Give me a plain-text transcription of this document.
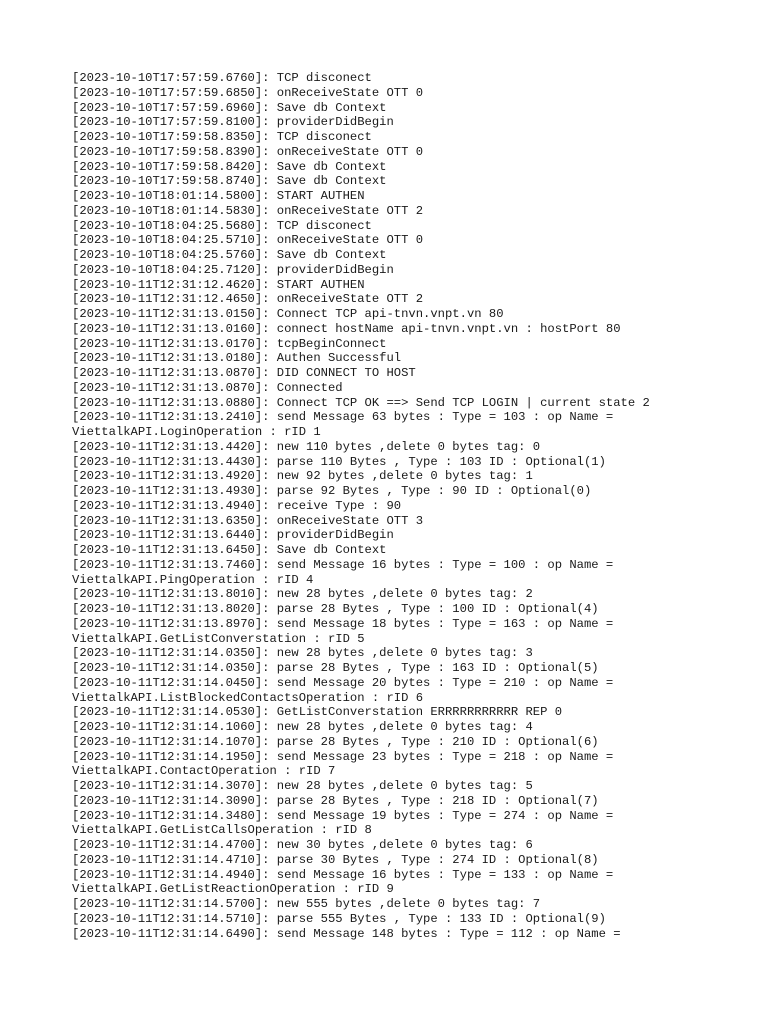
[2023-10-10T17:57:59.6760]: TCP disconect
[2023-10-10T17:57:59.6850]: onReceiveState OTT 0
[2023-10-10T17:57:59.6960]: Save db Context
[2023-10-10T17:57:59.8100]: providerDidBegin
[2023-10-10T17:59:58.8350]: TCP disconect
[2023-10-10T17:59:58.8390]: onReceiveState OTT 0
[2023-10-10T17:59:58.8420]: Save db Context
[2023-10-10T17:59:58.8740]: Save db Context
[2023-10-10T18:01:14.5800]: START AUTHEN
[2023-10-10T18:01:14.5830]: onReceiveState OTT 2
[2023-10-10T18:04:25.5680]: TCP disconect
[2023-10-10T18:04:25.5710]: onReceiveState OTT 0
[2023-10-10T18:04:25.5760]: Save db Context
[2023-10-10T18:04:25.7120]: providerDidBegin
[2023-10-11T12:31:12.4620]: START AUTHEN
[2023-10-11T12:31:12.4650]: onReceiveState OTT 2
[2023-10-11T12:31:13.0150]: Connect TCP api-tnvn.vnpt.vn 80
[2023-10-11T12:31:13.0160]: connect hostName api-tnvn.vnpt.vn : hostPort 80
[2023-10-11T12:31:13.0170]: tcpBeginConnect
[2023-10-11T12:31:13.0180]: Authen Successful
[2023-10-11T12:31:13.0870]: DID CONNECT TO HOST
[2023-10-11T12:31:13.0870]: Connected
[2023-10-11T12:31:13.0880]: Connect TCP OK ==> Send TCP LOGIN | current state 2
[2023-10-11T12:31:13.2410]: send Message 63 bytes : Type = 103 : op Name =
ViettalkAPI.LoginOperation : rID 1
[2023-10-11T12:31:13.4420]: new 110 bytes ,delete 0 bytes tag: 0
[2023-10-11T12:31:13.4430]: parse 110 Bytes , Type : 103 ID : Optional(1)
[2023-10-11T12:31:13.4920]: new 92 bytes ,delete 0 bytes tag: 1
[2023-10-11T12:31:13.4930]: parse 92 Bytes , Type : 90 ID : Optional(0)
[2023-10-11T12:31:13.4940]: receive Type : 90
[2023-10-11T12:31:13.6350]: onReceiveState OTT 3
[2023-10-11T12:31:13.6440]: providerDidBegin
[2023-10-11T12:31:13.6450]: Save db Context
[2023-10-11T12:31:13.7460]: send Message 16 bytes : Type = 100 : op Name =
ViettalkAPI.PingOperation : rID 4
[2023-10-11T12:31:13.8010]: new 28 bytes ,delete 0 bytes tag: 2
[2023-10-11T12:31:13.8020]: parse 28 Bytes , Type : 100 ID : Optional(4)
[2023-10-11T12:31:13.8970]: send Message 18 bytes : Type = 163 : op Name =
ViettalkAPI.GetListConverstation : rID 5
[2023-10-11T12:31:14.0350]: new 28 bytes ,delete 0 bytes tag: 3
[2023-10-11T12:31:14.0350]: parse 28 Bytes , Type : 163 ID : Optional(5)
[2023-10-11T12:31:14.0450]: send Message 20 bytes : Type = 210 : op Name =
ViettalkAPI.ListBlockedContactsOperation : rID 6
[2023-10-11T12:31:14.0530]: GetListConverstation ERRRRRRRRRRR REP 0
[2023-10-11T12:31:14.1060]: new 28 bytes ,delete 0 bytes tag: 4
[2023-10-11T12:31:14.1070]: parse 28 Bytes , Type : 210 ID : Optional(6)
[2023-10-11T12:31:14.1950]: send Message 23 bytes : Type = 218 : op Name =
ViettalkAPI.ContactOperation : rID 7
[2023-10-11T12:31:14.3070]: new 28 bytes ,delete 0 bytes tag: 5
[2023-10-11T12:31:14.3090]: parse 28 Bytes , Type : 218 ID : Optional(7)
[2023-10-11T12:31:14.3480]: send Message 19 bytes : Type = 274 : op Name =
ViettalkAPI.GetListCallsOperation : rID 8
[2023-10-11T12:31:14.4700]: new 30 bytes ,delete 0 bytes tag: 6
[2023-10-11T12:31:14.4710]: parse 30 Bytes , Type : 274 ID : Optional(8)
[2023-10-11T12:31:14.4940]: send Message 16 bytes : Type = 133 : op Name =
ViettalkAPI.GetListReactionOperation : rID 9
[2023-10-11T12:31:14.5700]: new 555 bytes ,delete 0 bytes tag: 7
[2023-10-11T12:31:14.5710]: parse 555 Bytes , Type : 133 ID : Optional(9)
[2023-10-11T12:31:14.6490]: send Message 148 bytes : Type = 112 : op Name =
